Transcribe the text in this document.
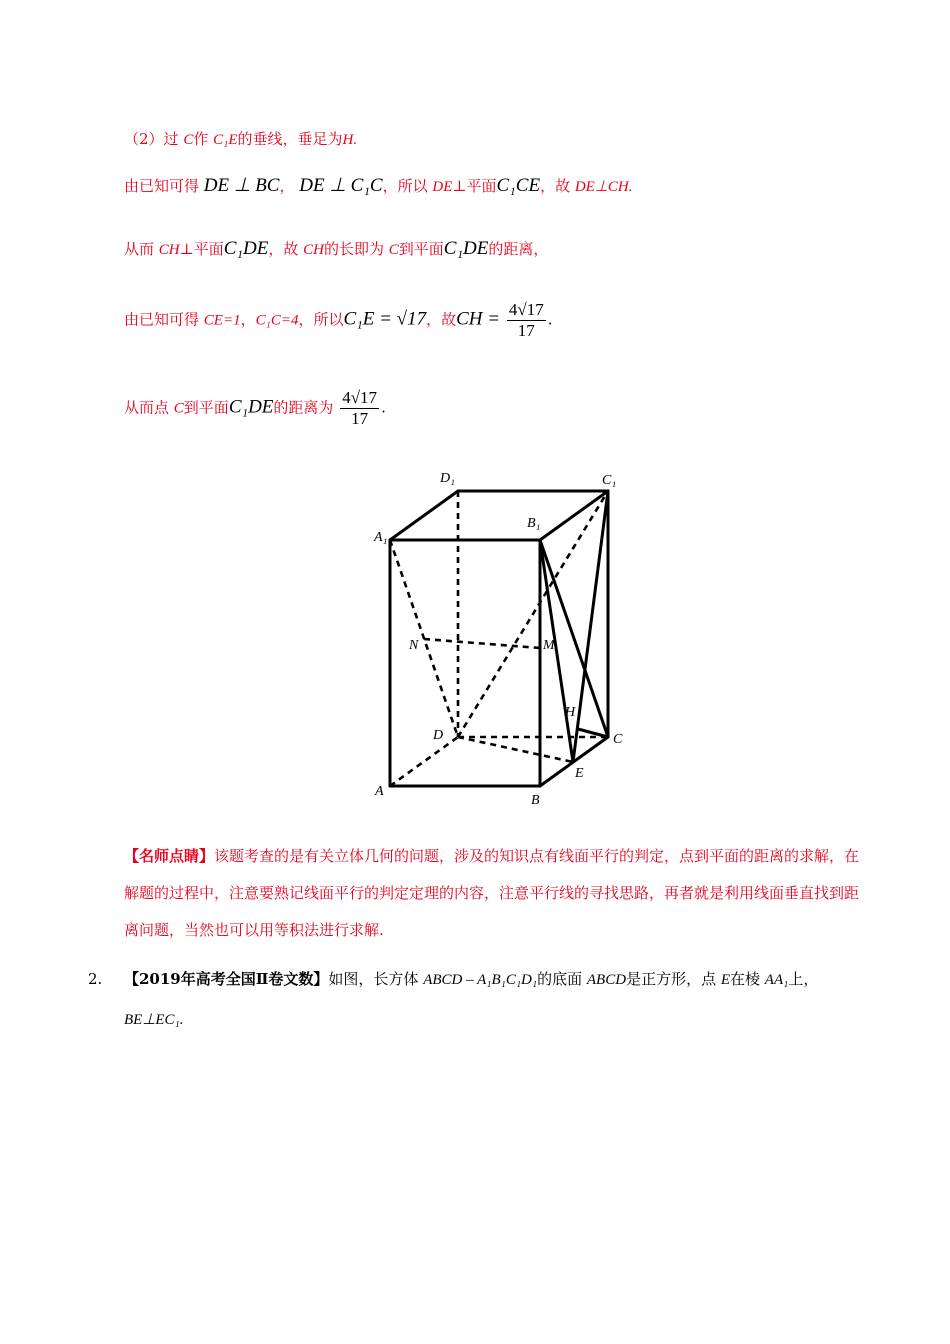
（2）过 C作 C₁E的垂线，垂足为H.
由已知可得 DE ⊥ BC， DE ⊥ C₁C，所以 DE⊥平面C₁CE，故 DE⊥CH.
从而 CH⊥平面C₁DE，故 CH的长即为 C到平面C₁DE的距离，
由已知可得 CE=1，C₁C=4，所以C₁E = √17，故CH = $\frac{4√17}{17}$ .
从而点 C到平面C₁DE的距离为 $\frac{4√17}{17}$ .
D₁	C₁
A₁
B₁
N	M
H
D	C
E
A
B
【名师点睛】该题考查的是有关立体几何的问题，涉及的知识点有线面平行的判定，点到平面的距离的求解，在解题的过程中，注意要熟记线面平行的判定定理的内容，注意平行线的寻找思路，再者就是利用线面垂直找到距离问题，当然也可以用等积法进行求解.
2. 【2019年高考全国Ⅱ卷文数】如图，长方体 ABCD – A₁B₁C₁D₁的底面 ABCD是正方形，点 E在棱 AA₁上，
BE⊥EC₁.
